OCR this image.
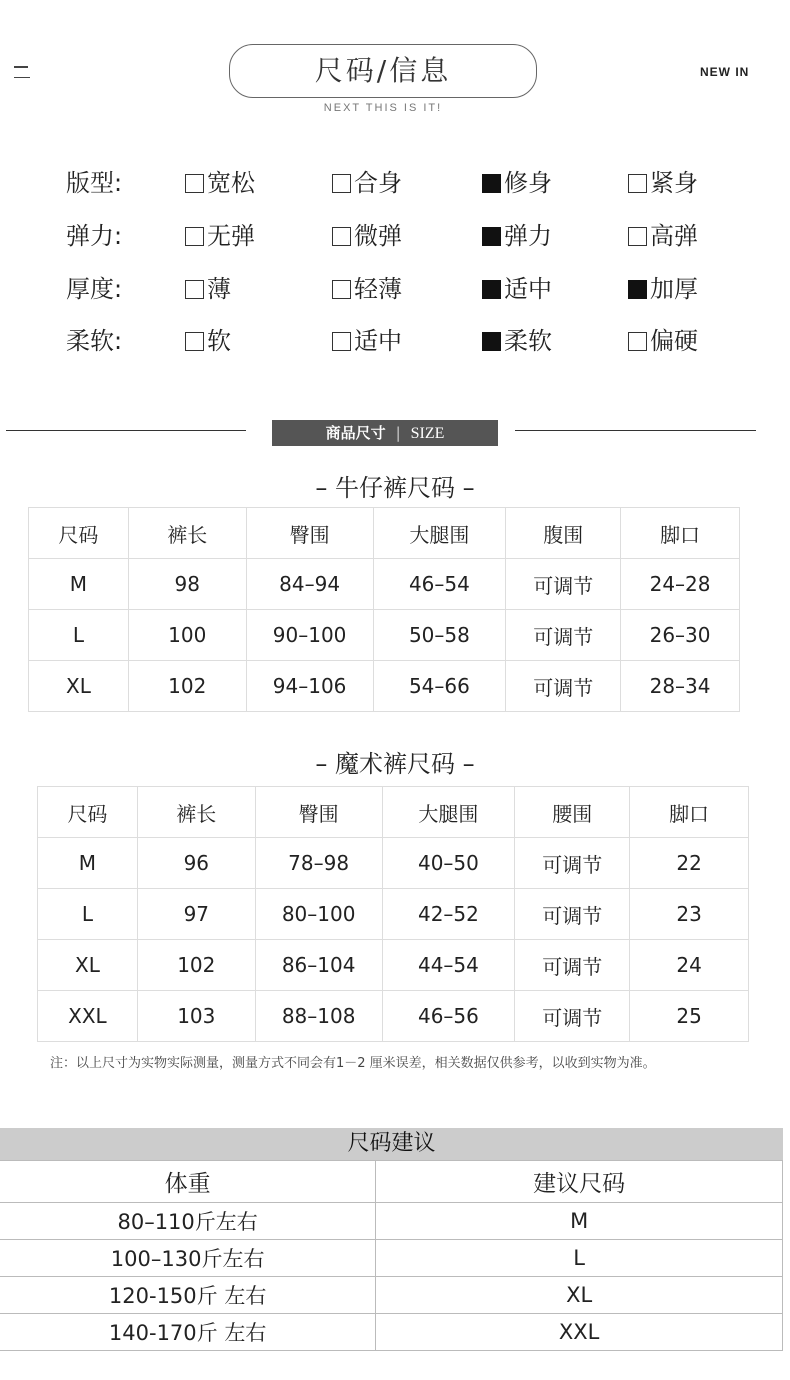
尺码/信息
NEXT THIS IS IT!
NEW IN
版型:	宽松	合身	修身	紧身
弹力:	无弹	微弹	弹力	高弹
厚度:	薄	轻薄	适中	加厚
柔软:	软	适中	柔软	偏硬
商品尺寸 | SIZE
– 牛仔裤尺码 –
尺码	裤长	臀围	大腿围	腹围	脚口
M	98	84–94	46–54	可调节	24–28
L	100	90–100	50–58	可调节	26–30
XL	102	94–106	54–66	可调节	28–34
– 魔术裤尺码 –
尺码	裤长	臀围	大腿围	腰围	脚口
M	96	78–98	40–50	可调节	22
L	97	80–100	42–52	可调节	23
XL	102	86–104	44–54	可调节	24
XXL	103	88–108	46–56	可调节	25
注：以上尺寸为实物实际测量，测量方式不同会有1－2 厘米误差，相关数据仅供参考，以收到实物为准。
尺码建议
体重	建议尺码
80–110斤左右	M
100–130斤左右	L
120-150斤 左右	XL
140-170斤 左右	XXL
